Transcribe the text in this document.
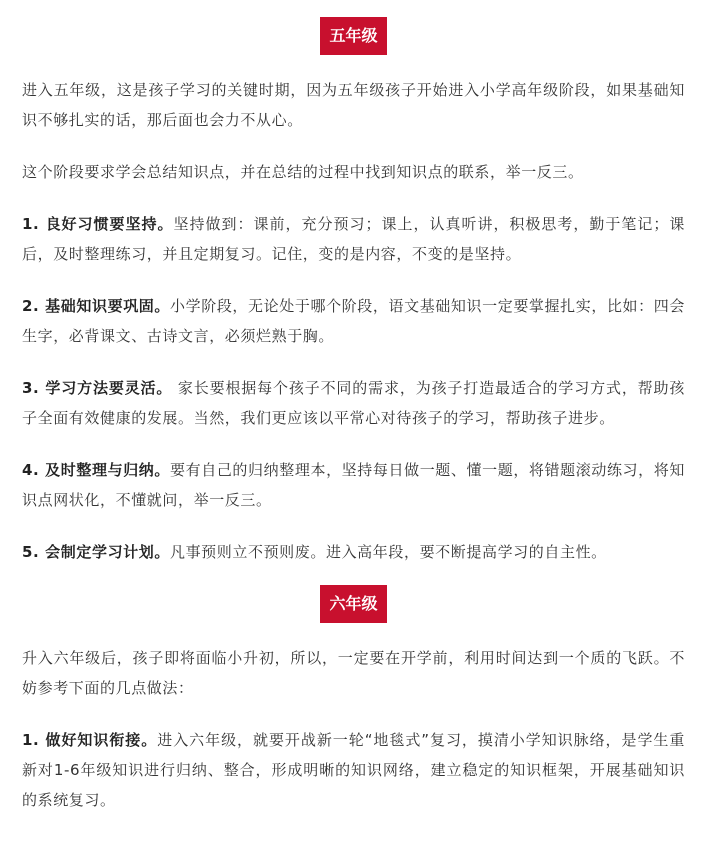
五年级

进入五年级，这是孩子学习的关键时期，因为五年级孩子开始进入小学高年级阶段，如果基础知识不够扎实的话，那后面也会力不从心。

这个阶段要求学会总结知识点，并在总结的过程中找到知识点的联系，举一反三。

1. 良好习惯要坚持。坚持做到：课前，充分预习；课上，认真听讲，积极思考，勤于笔记；课后，及时整理练习，并且定期复习。记住，变的是内容，不变的是坚持。

2. 基础知识要巩固。小学阶段，无论处于哪个阶段，语文基础知识一定要掌握扎实，比如：四会生字，必背课文、古诗文言，必须烂熟于胸。

3. 学习方法要灵活。 家长要根据每个孩子不同的需求，为孩子打造最适合的学习方式，帮助孩子全面有效健康的发展。当然，我们更应该以平常心对待孩子的学习，帮助孩子进步。

4. 及时整理与归纳。要有自己的归纳整理本，坚持每日做一题、懂一题，将错题滚动练习，将知识点网状化，不懂就问，举一反三。

5. 会制定学习计划。凡事预则立不预则废。进入高年段，要不断提高学习的自主性。

六年级

升入六年级后，孩子即将面临小升初，所以，一定要在开学前，利用时间达到一个质的飞跃。不妨参考下面的几点做法：

1. 做好知识衔接。进入六年级，就要开战新一轮“地毯式”复习，摸清小学知识脉络，是学生重新对1-6年级知识进行归纳、整合，形成明晰的知识网络，建立稳定的知识框架，开展基础知识的系统复习。
